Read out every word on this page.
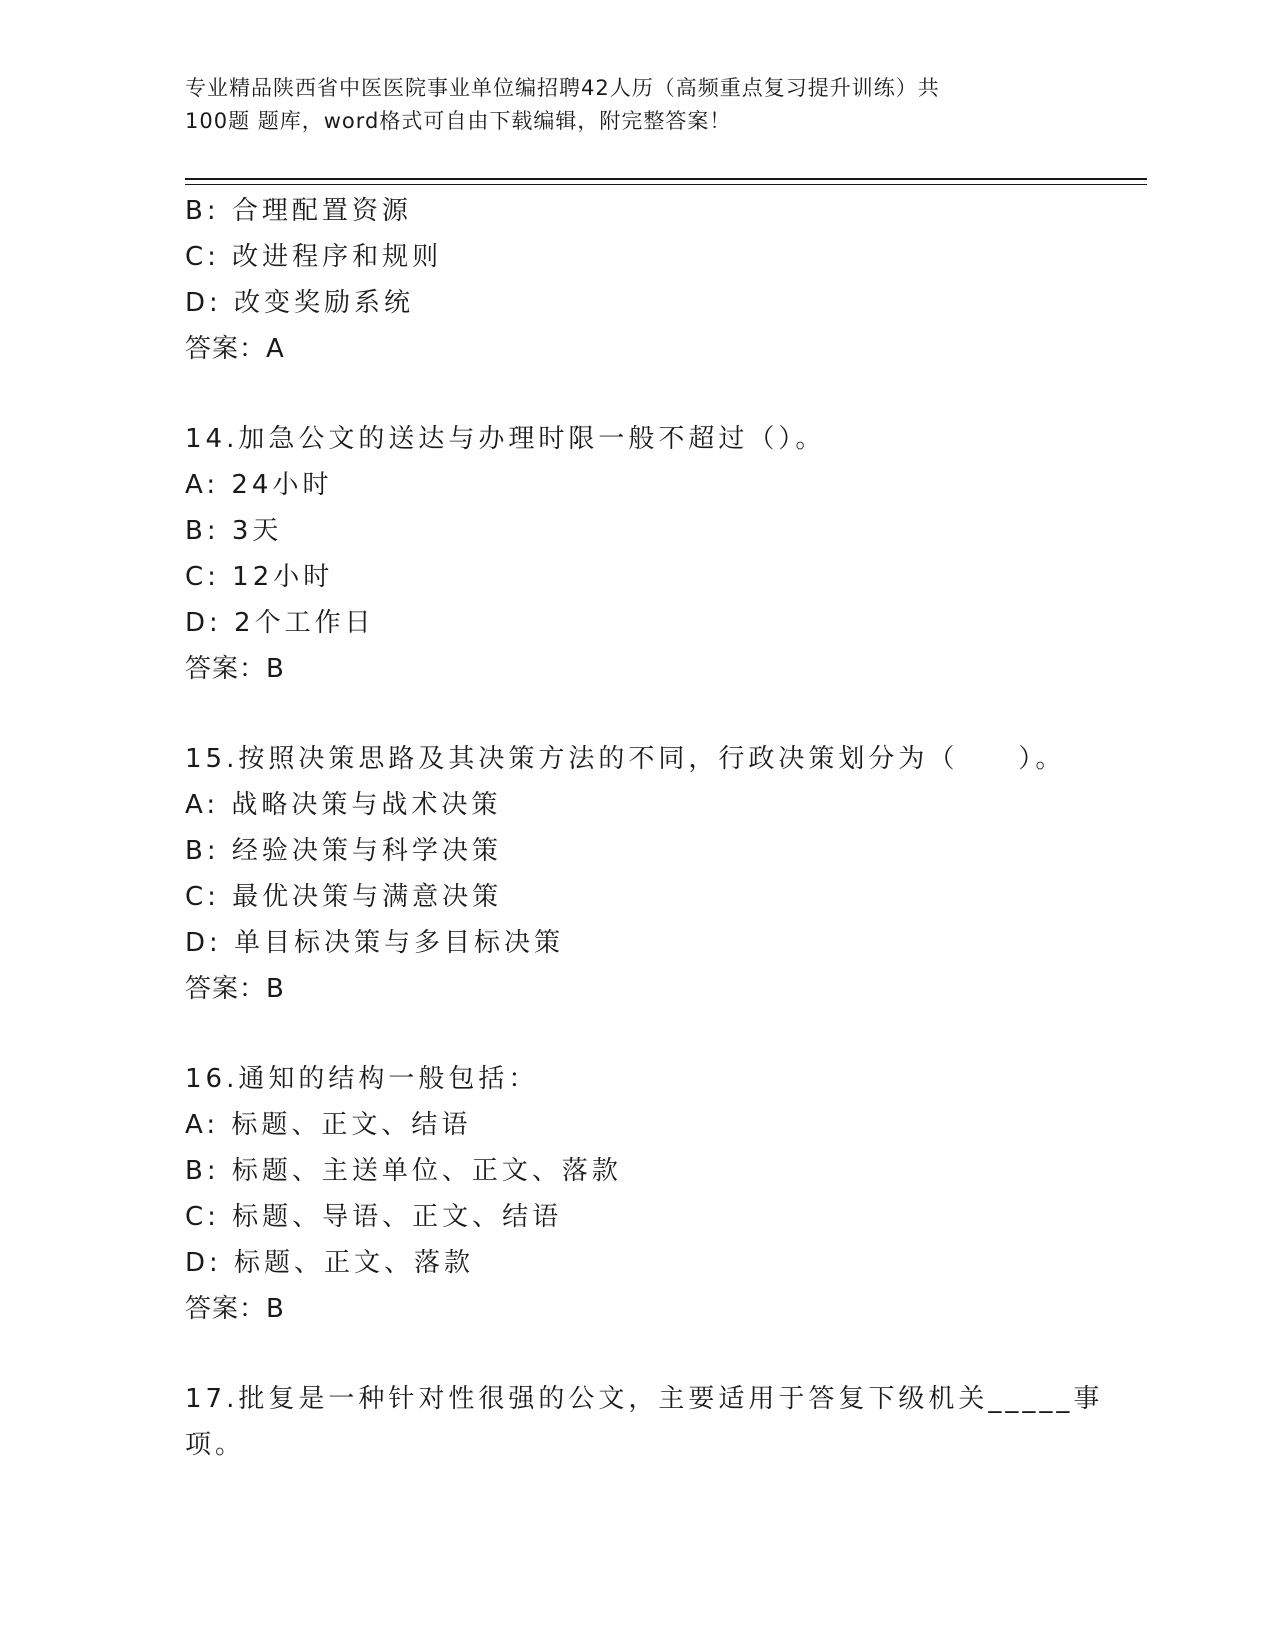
专业精品陕西省中医医院事业单位编招聘42人历（高频重点复习提升训练）共
100题 题库，word格式可自由下载编辑，附完整答案！
B: 合理配置资源
C: 改进程序和规则
D: 改变奖励系统
答案：A
14.加急公文的送达与办理时限一般不超过（）。
A: 24小时
B: 3天
C: 12小时
D: 2个工作日
答案：B
15.按照决策思路及其决策方法的不同，行政决策划分为（　　）。
A: 战略决策与战术决策
B: 经验决策与科学决策
C: 最优决策与满意决策
D: 单目标决策与多目标决策
答案：B
16.通知的结构一般包括：
A: 标题、正文、结语
B: 标题、主送单位、正文、落款
C: 标题、导语、正文、结语
D: 标题、正文、落款
答案：B
17.批复是一种针对性很强的公文，主要适用于答复下级机关_____事
项。
